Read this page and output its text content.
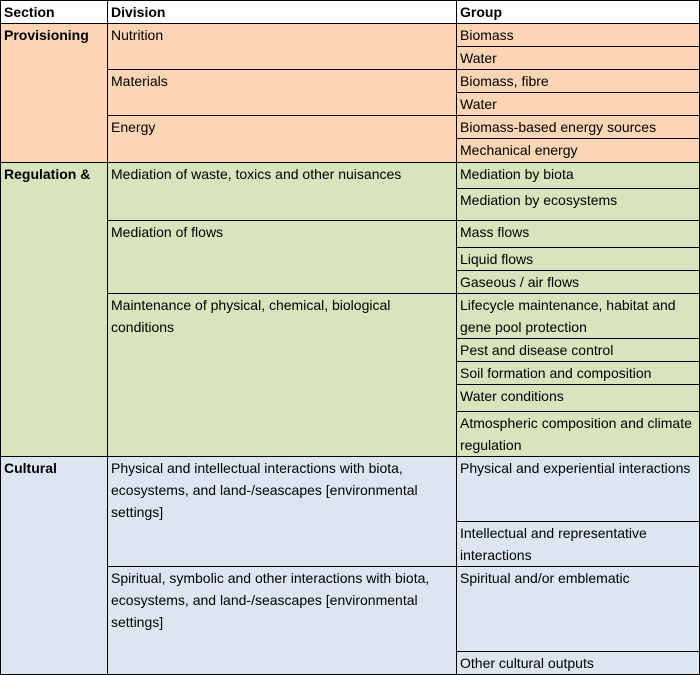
Section	Division	Group
Provisioning	Nutrition	Biomass
		Water
	Materials	Biomass, fibre
		Water
	Energy	Biomass-based energy sources
		Mechanical energy
Regulation &	Mediation of waste, toxics and other nuisances	Mediation by biota
		Mediation by ecosystems
	Mediation of flows	Mass flows
		Liquid flows
		Gaseous / air flows
	Maintenance of physical, chemical, biological conditions	Lifecycle maintenance, habitat and gene pool protection
		Pest and disease control
		Soil formation and composition
		Water conditions
		Atmospheric composition and climate regulation
Cultural	Physical and intellectual interactions with biota, ecosystems, and land-/seascapes [environmental settings]	Physical and experiential interactions
		Intellectual and representative interactions
	Spiritual, symbolic and other interactions with biota, ecosystems, and land-/seascapes [environmental settings]	Spiritual and/or emblematic
		Other cultural outputs
